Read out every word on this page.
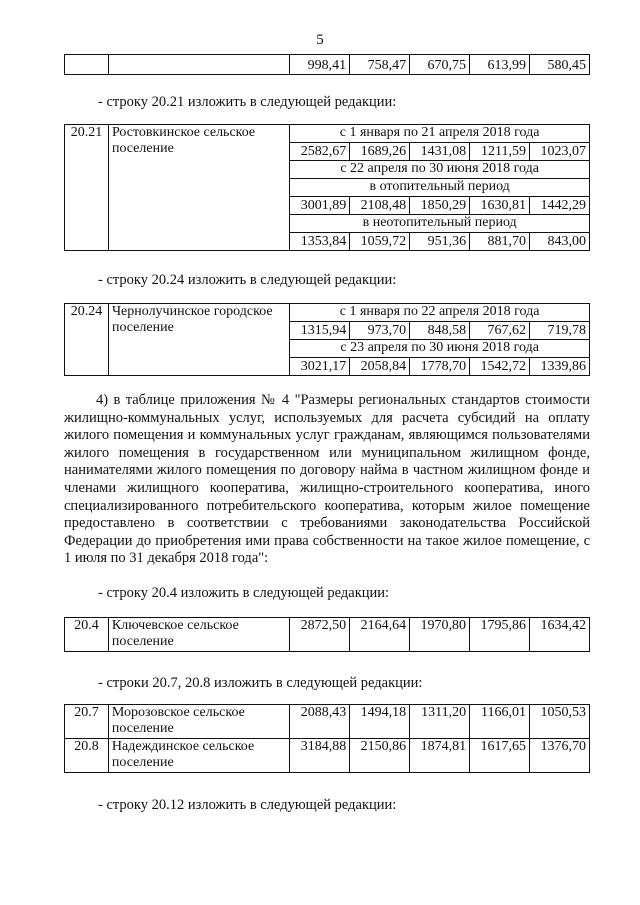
5
		998,41	758,47	670,75	613,99	580,45
- строку 20.21 изложить в следующей редакции:
20.21	Ростовкинское сельское поселение	с 1 января по 21 апреля 2018 года				
		2582,67	1689,26	1431,08	1211,59	1023,07
		с 22 апреля по 30 июня 2018 года				
		в отопительный период				
		3001,89	2108,48	1850,29	1630,81	1442,29
		в неотопительный период				
		1353,84	1059,72	951,36	881,70	843,00
- строку 20.24 изложить в следующей редакции:
20.24	Чернолучинское городское поселение	с 1 января по 22 апреля 2018 года				
		1315,94	973,70	848,58	767,62	719,78
		с 23 апреля по 30 июня 2018 года				
		3021,17	2058,84	1778,70	1542,72	1339,86
4) в таблице приложения № 4 "Размеры региональных стандартов стоимости жилищно-коммунальных услуг, используемых для расчета субсидий на оплату жилого помещения и коммунальных услуг гражданам, являющимся пользователями жилого помещения в государственном или муниципальном жилищном фонде, нанимателями жилого помещения по договору найма в частном жилищном фонде и членами жилищного кооператива, жилищно-строительного кооператива, иного специализированного потребительского кооператива, которым жилое помещение предоставлено в соответствии с требованиями законодательства Российской Федерации до приобретения ими права собственности на такое жилое помещение, с 1 июля по 31 декабря 2018 года":
- строку 20.4 изложить в следующей редакции:
20.4	Ключевское сельское поселение	2872,50	2164,64	1970,80	1795,86	1634,42
- строки 20.7, 20.8 изложить в следующей редакции:
20.7	Морозовское сельское поселение	2088,43	1494,18	1311,20	1166,01	1050,53
20.8	Надеждинское сельское поселение	3184,88	2150,86	1874,81	1617,65	1376,70
- строку 20.12 изложить в следующей редакции:
